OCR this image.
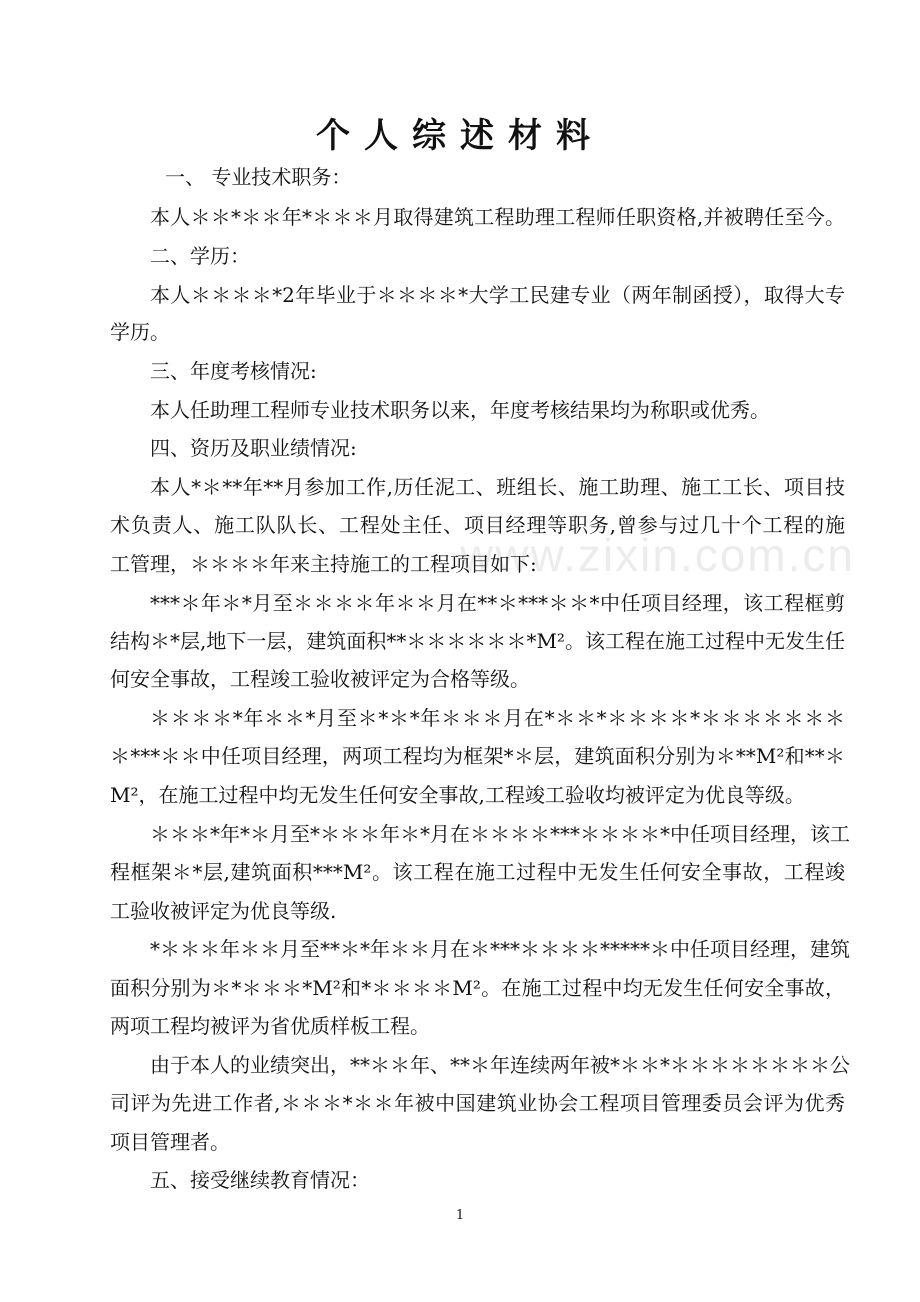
www.zixin.com.cn
个人综述材料
一、 专业技术职务：
本人＊＊*＊＊年*＊＊＊月取得建筑工程助理工程师任职资格,并被聘任至今。
二、学历：
本人＊＊＊＊*2年毕业于＊＊＊＊*大学工民建专业（两年制函授），取得大专
学历。
三、年度考核情况:
本人任助理工程师专业技术职务以来，年度考核结果均为称职或优秀。
四、资历及职业绩情况:
本人*＊**年**月参加工作,历任泥工、班组长、施工助理、施工工长、项目技
术负责人、施工队队长、工程处主任、项目经理等职务,曾参与过几十个工程的施
工管理，＊＊＊＊年来主持施工的工程项目如下:
***＊年＊*月至＊＊＊＊年＊＊月在**＊***＊＊*中任项目经理，该工程框剪
结构＊*层,地下一层，建筑面积**＊＊＊＊＊＊*M²。该工程在施工过程中无发生任
何安全事故，工程竣工验收被评定为合格等级。
＊＊＊＊*年＊＊*月至＊*＊*年＊＊＊月在*＊＊*＊＊＊＊*＊＊＊＊＊＊＊
＊***＊＊中任项目经理，两项工程均为框架*＊层，建筑面积分别为＊**M²和**＊
M²，在施工过程中均无发生任何安全事故,工程竣工验收均被评定为优良等级。
＊＊＊*年*＊月至*＊＊＊年＊*月在＊＊＊＊***＊＊＊＊*中任项目经理，该工
程框架＊*层,建筑面积***M²。该工程在施工过程中无发生任何安全事故，工程竣
工验收被评定为优良等级.
*＊＊＊年＊＊月至**＊*年＊＊月在＊***＊＊＊＊*****＊中任项目经理，建筑
面积分别为＊*＊＊＊*M²和*＊＊＊＊M²。在施工过程中均无发生任何安全事故，
两项工程均被评为省优质样板工程。
由于本人的业绩突出，**＊＊年、**＊年连续两年被*＊＊*＊＊＊＊＊＊＊＊公
司评为先进工作者,＊＊＊*＊＊年被中国建筑业协会工程项目管理委员会评为优秀
项目管理者。
五、接受继续教育情况：
1
